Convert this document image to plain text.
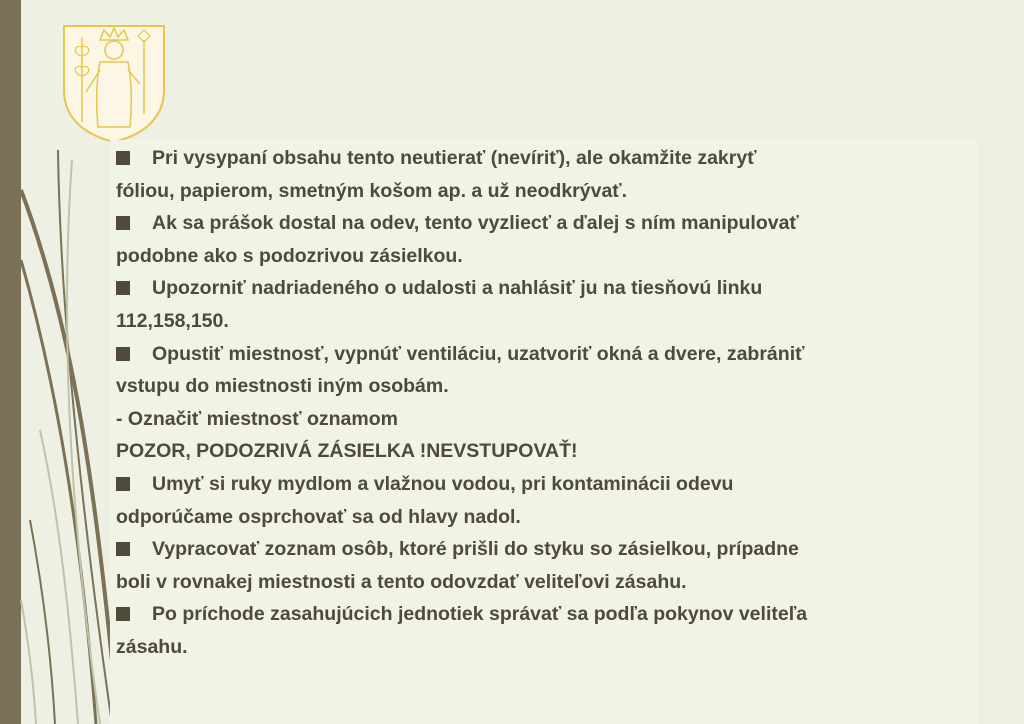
Pri vysypaní obsahu tento neutierať (nevíriť), ale okamžite zakryť
fóliou, papierom, smetným košom ap. a už neodkrývať.
Ak sa prášok dostal na odev, tento vyzliecť a ďalej s ním manipulovať
podobne ako s podozrivou zásielkou.
Upozorniť nadriadeného o udalosti a nahlásiť ju na tiesňovú linku
112,158,150.
Opustiť miestnosť, vypnúť ventiláciu, uzatvoriť okná a dvere, zabrániť
vstupu do miestnosti iným osobám.
- Označiť miestnosť oznamom
POZOR, PODOZRIVÁ ZÁSIELKA !NEVSTUPOVAŤ!
Umyť si ruky mydlom a vlažnou vodou, pri kontaminácii odevu
odporúčame osprchovať sa od hlavy nadol.
Vypracovať zoznam osôb, ktoré prišli do styku so zásielkou, prípadne
boli v rovnakej miestnosti a tento odovzdať veliteľovi zásahu.
Po príchode zasahujúcich jednotiek správať sa podľa pokynov veliteľa
zásahu.
